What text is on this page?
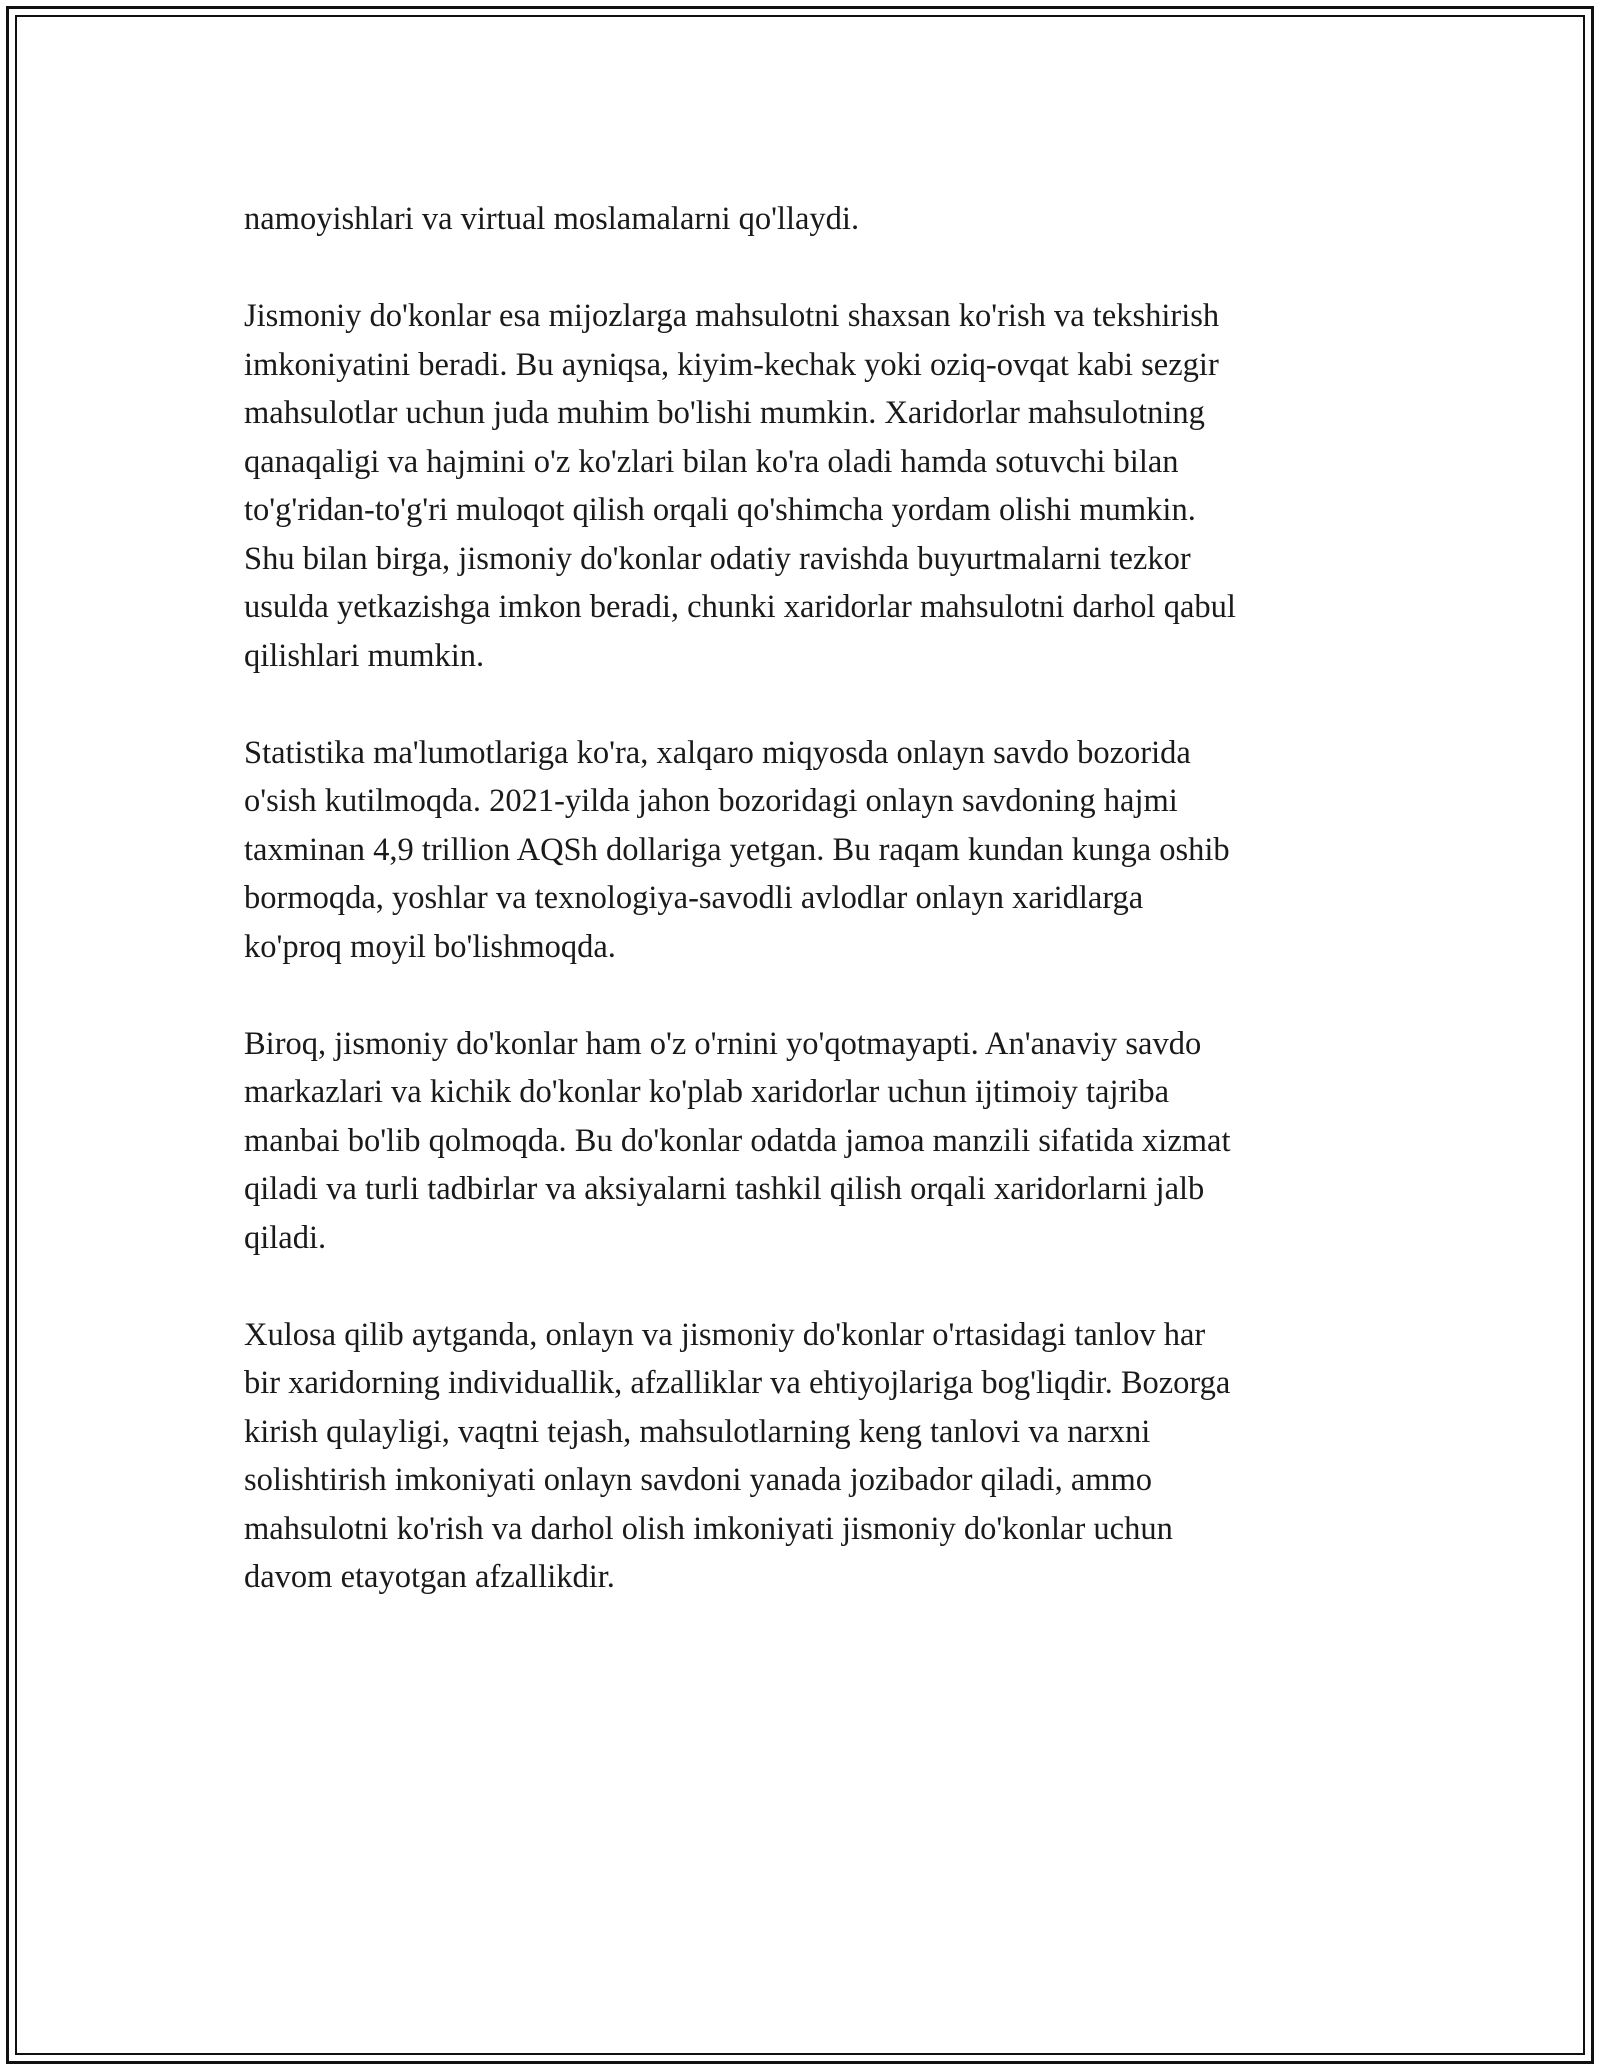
namoyishlari va virtual moslamalarni qo'llaydi.

Jismoniy do'konlar esa mijozlarga mahsulotni shaxsan ko'rish va tekshirish
imkoniyatini beradi. Bu ayniqsa, kiyim-kechak yoki oziq-ovqat kabi sezgir
mahsulotlar uchun juda muhim bo'lishi mumkin. Xaridorlar mahsulotning
qanaqaligi va hajmini o'z ko'zlari bilan ko'ra oladi hamda sotuvchi bilan
to'g'ridan-to'g'ri muloqot qilish orqali qo'shimcha yordam olishi mumkin.
Shu bilan birga, jismoniy do'konlar odatiy ravishda buyurtmalarni tezkor
usulda yetkazishga imkon beradi, chunki xaridorlar mahsulotni darhol qabul
qilishlari mumkin.

Statistika ma'lumotlariga ko'ra, xalqaro miqyosda onlayn savdo bozorida
o'sish kutilmoqda. 2021-yilda jahon bozoridagi onlayn savdoning hajmi
taxminan 4,9 trillion AQSh dollariga yetgan. Bu raqam kundan kunga oshib
bormoqda, yoshlar va texnologiya-savodli avlodlar onlayn xaridlarga
ko'proq moyil bo'lishmoqda.

Biroq, jismoniy do'konlar ham o'z o'rnini yo'qotmayapti. An'anaviy savdo
markazlari va kichik do'konlar ko'plab xaridorlar uchun ijtimoiy tajriba
manbai bo'lib qolmoqda. Bu do'konlar odatda jamoa manzili sifatida xizmat
qiladi va turli tadbirlar va aksiyalarni tashkil qilish orqali xaridorlarni jalb
qiladi.

Xulosa qilib aytganda, onlayn va jismoniy do'konlar o'rtasidagi tanlov har
bir xaridorning individuallik, afzalliklar va ehtiyojlariga bog'liqdir. Bozorga
kirish qulayligi, vaqtni tejash, mahsulotlarning keng tanlovi va narxni
solishtirish imkoniyati onlayn savdoni yanada jozibador qiladi, ammo
mahsulotni ko'rish va darhol olish imkoniyati jismoniy do'konlar uchun
davom etayotgan afzallikdir.
